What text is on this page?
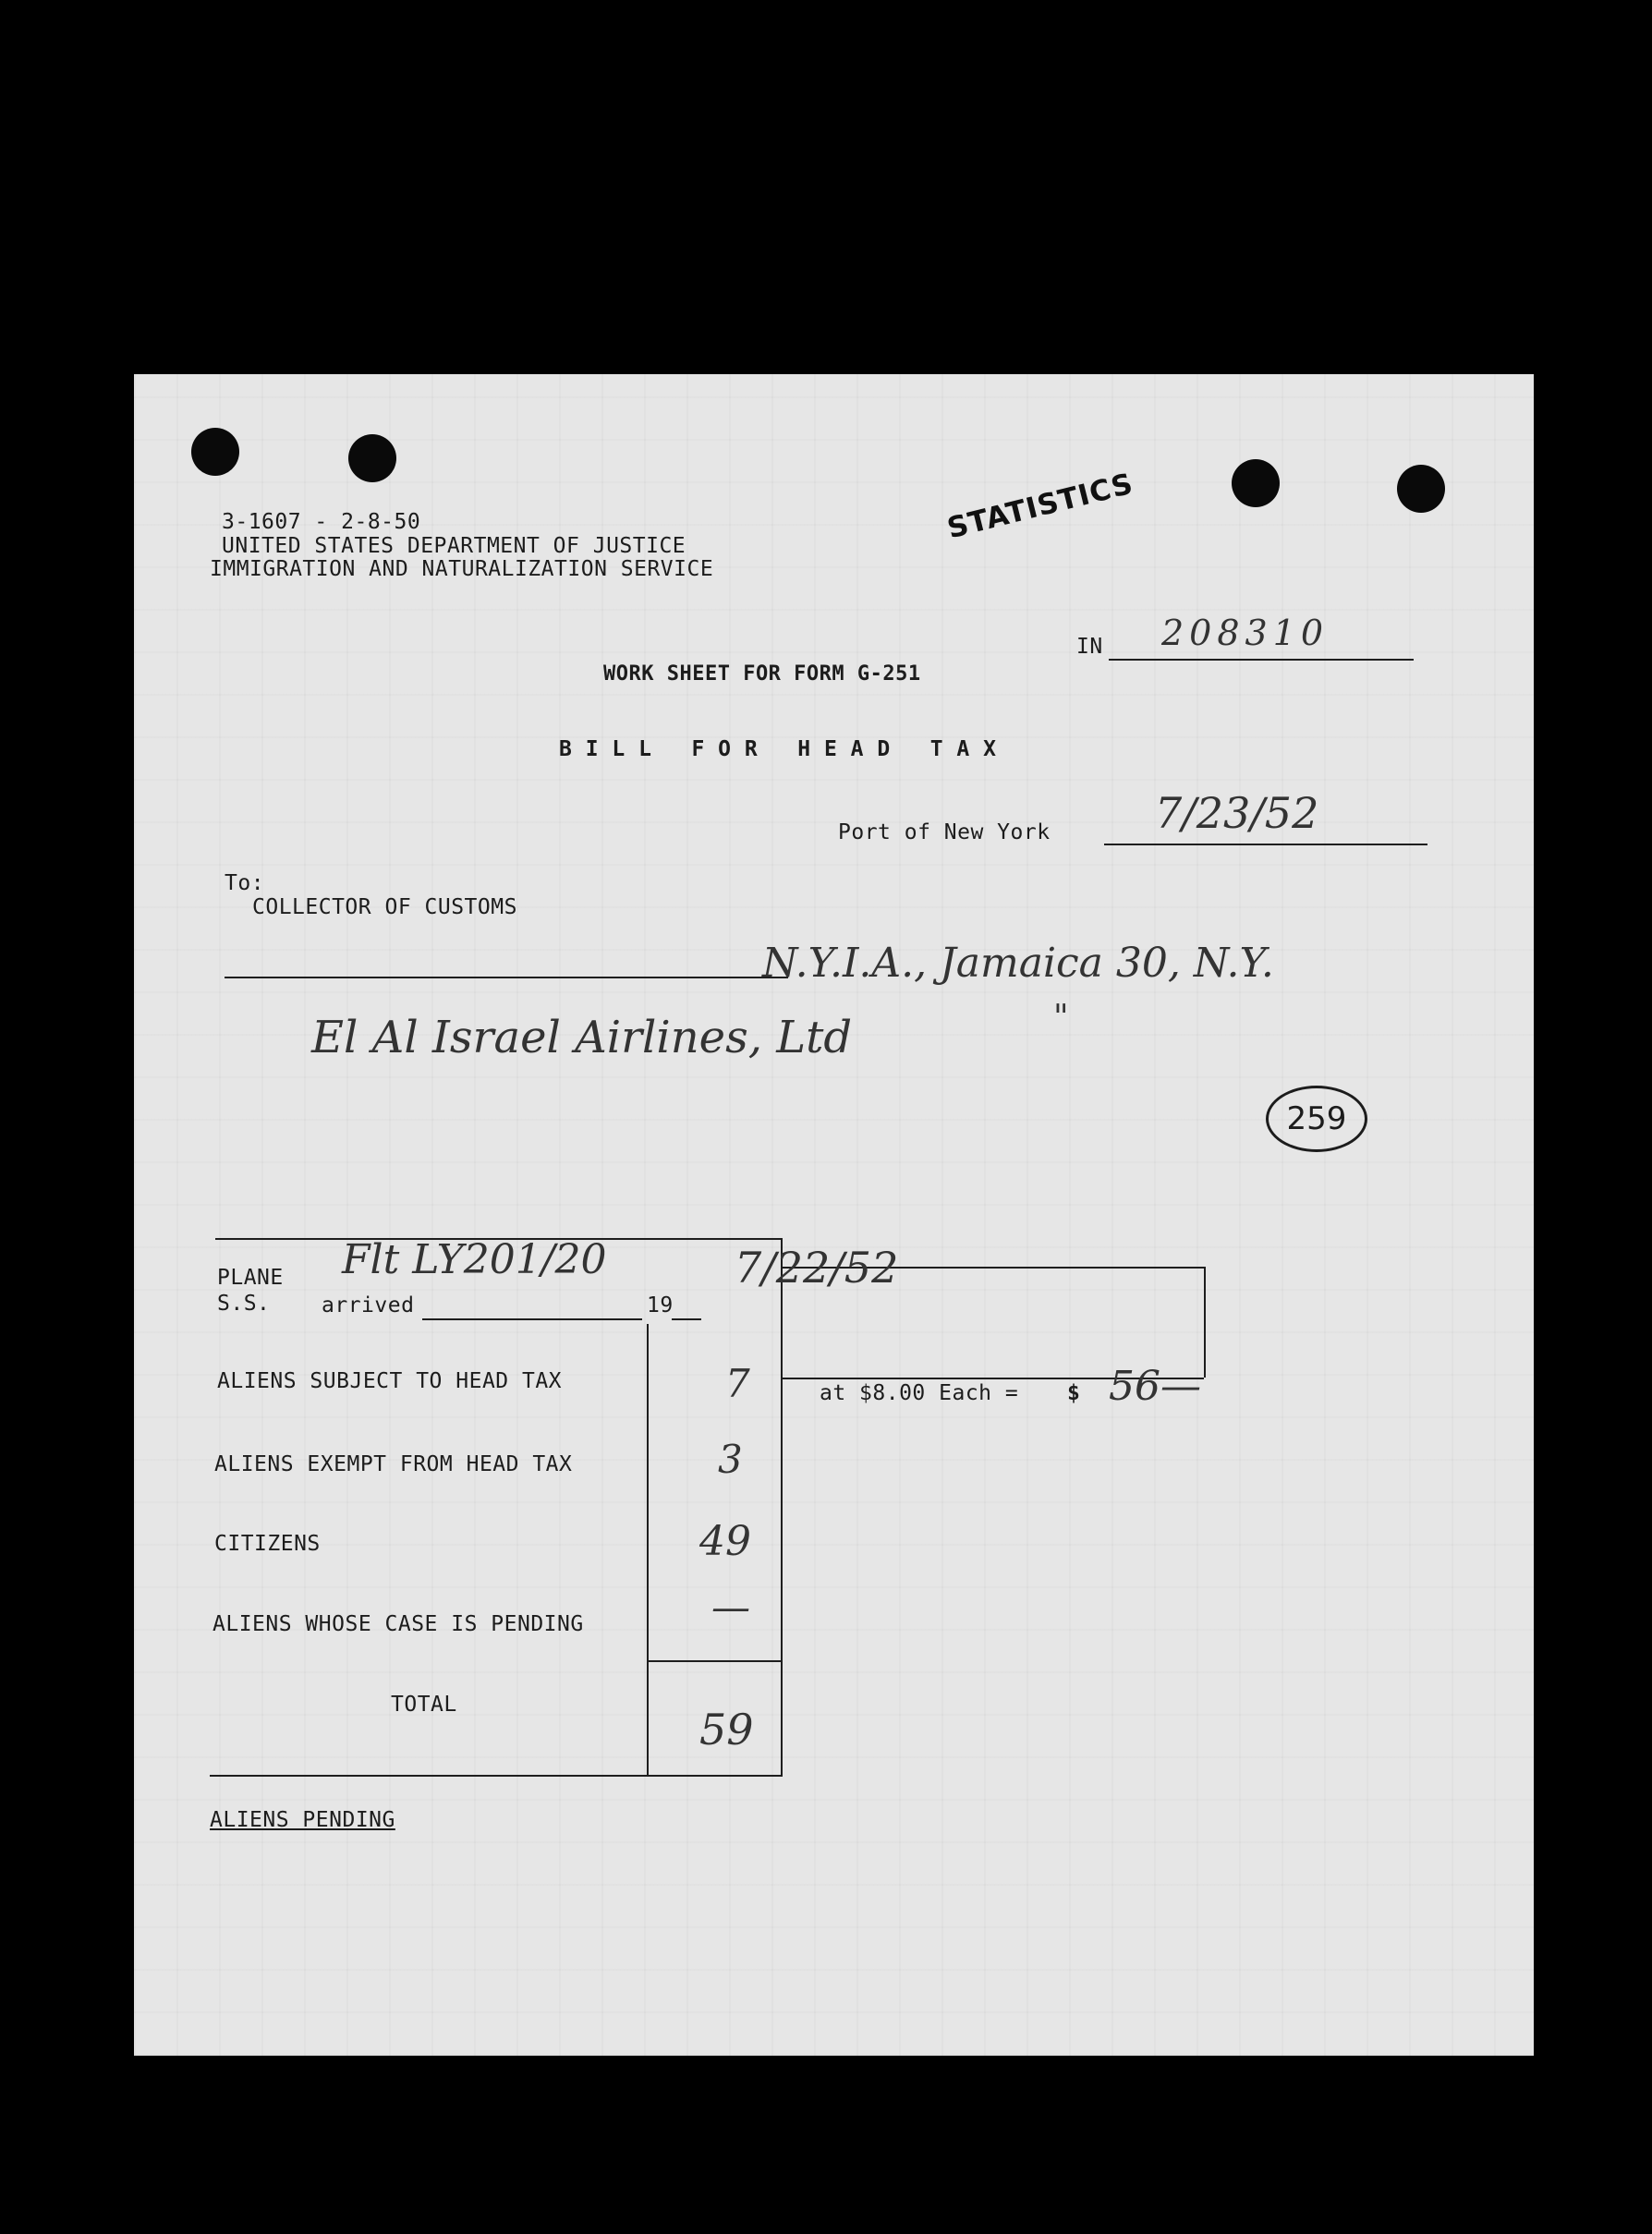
3-1607 - 2-8-50
UNITED STATES DEPARTMENT OF JUSTICE
IMMIGRATION AND NATURALIZATION SERVICE
STATISTICS
IN 208310
WORK SHEET FOR FORM G-251
B I L L   F O R   H E A D   T A X
Port of New York 7/23/52
To:
COLLECTOR OF CUSTOMS
N.Y.I.A., Jamaica 30, N.Y.
El Al Israel Airlines, Ltd	"
259
PLANE
S.S. arrived	19
Flt LY201/20	7/22/52
ALIENS SUBJECT TO HEAD TAX	7
ALIENS EXEMPT FROM HEAD TAX	3
CITIZENS	49
ALIENS WHOSE CASE IS PENDING	—
TOTAL	59
at $8.00 Each = $ 56—
ALIENS PENDING
